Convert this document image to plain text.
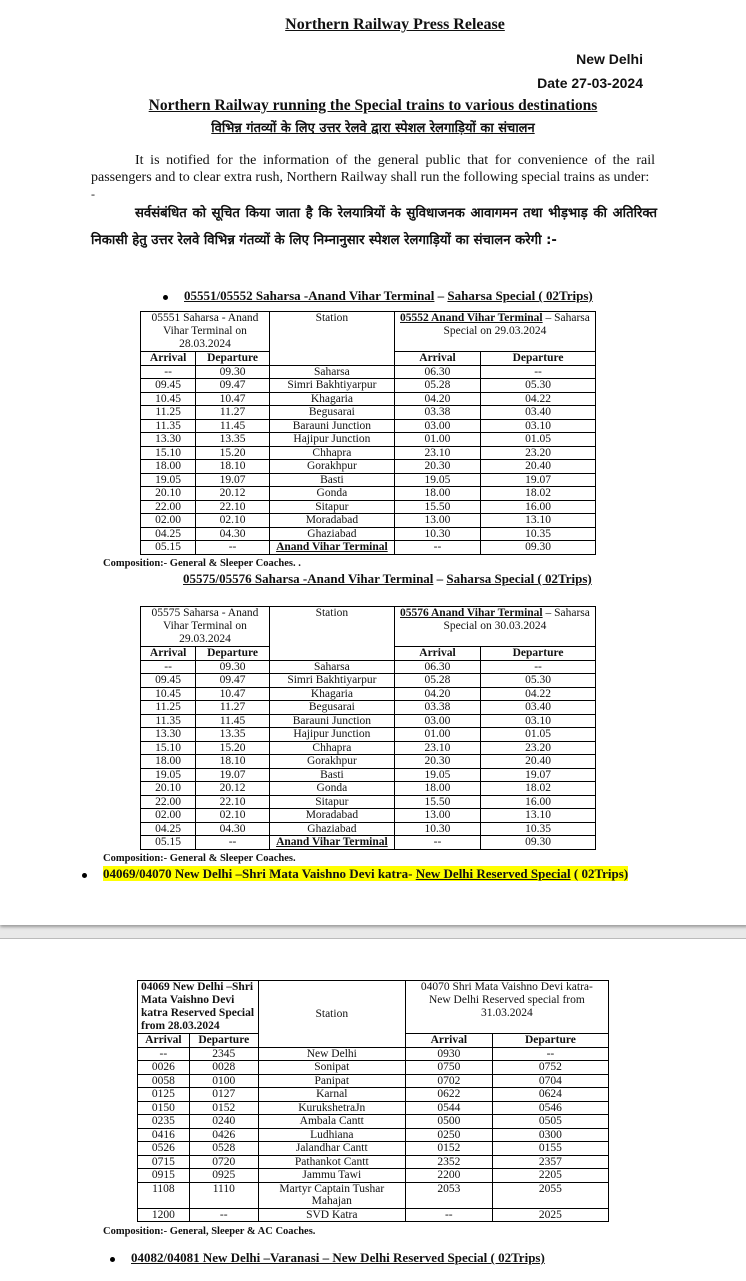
Northern Railway Press Release
New Delhi
Date 27-03-2024
Northern Railway running the Special trains to various destinations
विभिन्न गंतव्यों के लिए उत्तर रेलवे द्वारा स्पेशल रेलगाड़ियों का संचालन
It is notified for the information of the general public that for convenience of the rail passengers and to clear extra rush, Northern Railway shall run the following special trains as under:
-
सर्वसंबंधित को सूचित किया जाता है कि रेलयात्रियों के सुविधाजनक आवागमन तथा भीड़भाड़ की अतिरिक्त निकासी हेतु उत्तर रेलवे विभिन्न गंतव्यों के लिए निम्नानुसार स्पेशल रेलगाड़ियों का संचालन करेगी :-
05551/05552 Saharsa -Anand Vihar Terminal – Saharsa Special ( 02Trips)
05551 Saharsa - Anand Vihar Terminal on 28.03.2024		Station	05552 Anand Vihar Terminal – Saharsa Special on 29.03.2024	
Arrival	Departure		Arrival	Departure
--	09.30	Saharsa	06.30	--
09.45	09.47	Simri Bakhtiyarpur	05.28	05.30
10.45	10.47	Khagaria	04.20	04.22
11.25	11.27	Begusarai	03.38	03.40
11.35	11.45	Barauni Junction	03.00	03.10
13.30	13.35	Hajipur Junction	01.00	01.05
15.10	15.20	Chhapra	23.10	23.20
18.00	18.10	Gorakhpur	20.30	20.40
19.05	19.07	Basti	19.05	19.07
20.10	20.12	Gonda	18.00	18.02
22.00	22.10	Sitapur	15.50	16.00
02.00	02.10	Moradabad	13.00	13.10
04.25	04.30	Ghaziabad	10.30	10.35
05.15	--	Anand Vihar Terminal	--	09.30
Composition:- General & Sleeper Coaches. .
05575/05576 Saharsa -Anand Vihar Terminal – Saharsa Special ( 02Trips)
05575 Saharsa - Anand Vihar Terminal on 29.03.2024		Station	05576 Anand Vihar Terminal – Saharsa Special on 30.03.2024	
Arrival	Departure		Arrival	Departure
--	09.30	Saharsa	06.30	--
09.45	09.47	Simri Bakhtiyarpur	05.28	05.30
10.45	10.47	Khagaria	04.20	04.22
11.25	11.27	Begusarai	03.38	03.40
11.35	11.45	Barauni Junction	03.00	03.10
13.30	13.35	Hajipur Junction	01.00	01.05
15.10	15.20	Chhapra	23.10	23.20
18.00	18.10	Gorakhpur	20.30	20.40
19.05	19.07	Basti	19.05	19.07
20.10	20.12	Gonda	18.00	18.02
22.00	22.10	Sitapur	15.50	16.00
02.00	02.10	Moradabad	13.00	13.10
04.25	04.30	Ghaziabad	10.30	10.35
05.15	--	Anand Vihar Terminal	--	09.30
Composition:- General & Sleeper Coaches.
04069/04070 New Delhi –Shri Mata Vaishno Devi katra- New Delhi Reserved Special ( 02Trips)
04069 New Delhi –Shri Mata Vaishno Devi katra Reserved Special from 28.03.2024		Station	04070 Shri Mata Vaishno Devi katra- New Delhi Reserved special from 31.03.2024	
Arrival	Departure		Arrival	Departure
--	2345	New Delhi	0930	--
0026	0028	Sonipat	0750	0752
0058	0100	Panipat	0702	0704
0125	0127	Karnal	0622	0624
0150	0152	KurukshetraJn	0544	0546
0235	0240	Ambala Cantt	0500	0505
0416	0426	Ludhiana	0250	0300
0526	0528	Jalandhar Cantt	0152	0155
0715	0720	Pathankot Cantt	2352	2357
0915	0925	Jammu Tawi	2200	2205
1108	1110	Martyr Captain Tushar Mahajan	2053	2055
1200	--	SVD Katra	--	2025
Composition:- General, Sleeper & AC Coaches.
04082/04081 New Delhi –Varanasi – New Delhi Reserved Special ( 02Trips)
